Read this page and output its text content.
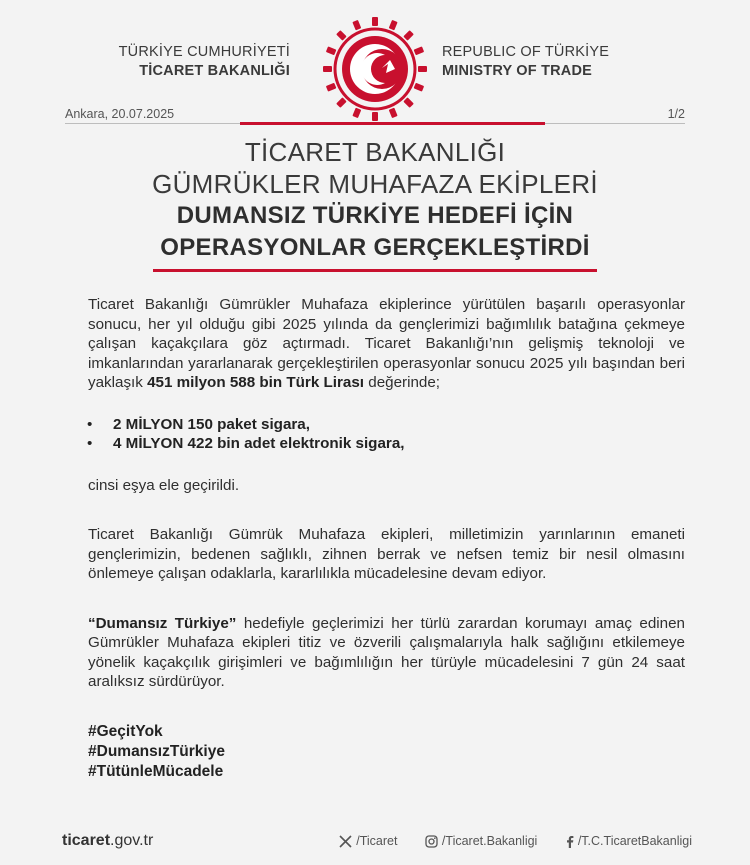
TÜRKİYE CUMHURİYETİ
TİCARET BAKANLIĞI
REPUBLIC OF TÜRKİYE
MINISTRY OF TRADE
Ankara, 20.07.2025	1/2
TİCARET BAKANLIĞI
GÜMRÜKLER MUHAFAZA EKİPLERİ
DUMANSIZ TÜRKİYE HEDEFİ İÇİN
OPERASYONLAR GERÇEKLEŞTİRDİ

Ticaret Bakanlığı Gümrükler Muhafaza ekiplerince yürütülen başarılı operasyonlar sonucu, her yıl olduğu gibi 2025 yılında da gençlerimizi bağımlılık batağına çekmeye çalışan kaçakçılara göz açtırmadı. Ticaret Bakanlığı’nın gelişmiş teknoloji ve imkanlarından yararlanarak gerçekleştirilen operasyonlar sonucu 2025 yılı başından beri yaklaşık 451 milyon 588 bin Türk Lirası değerinde;

• 2 MİLYON 150 paket sigara,
• 4 MİLYON 422 bin adet elektronik sigara,

cinsi eşya ele geçirildi.

Ticaret Bakanlığı Gümrük Muhafaza ekipleri, milletimizin yarınlarının emaneti gençlerimizin, bedenen sağlıklı, zihnen berrak ve nefsen temiz bir nesil olmasını önlemeye çalışan odaklarla, kararlılıkla mücadelesine devam ediyor.

“Dumansız Türkiye” hedefiyle geçlerimizi her türlü zarardan korumayı amaç edinen Gümrükler Muhafaza ekipleri titiz ve özverili çalışmalarıyla halk sağlığını etkilemeye yönelik kaçakçılık girişimleri ve bağımlılığın her türüyle mücadelesini 7 gün 24 saat aralıksız sürdürüyor.

#GeçitYok
#DumansızTürkiye
#TütünleMücadele
ticaret.gov.tr	/Ticaret
	/Ticaret.Bakanligi
	/T.C.TicaretBakanligi
